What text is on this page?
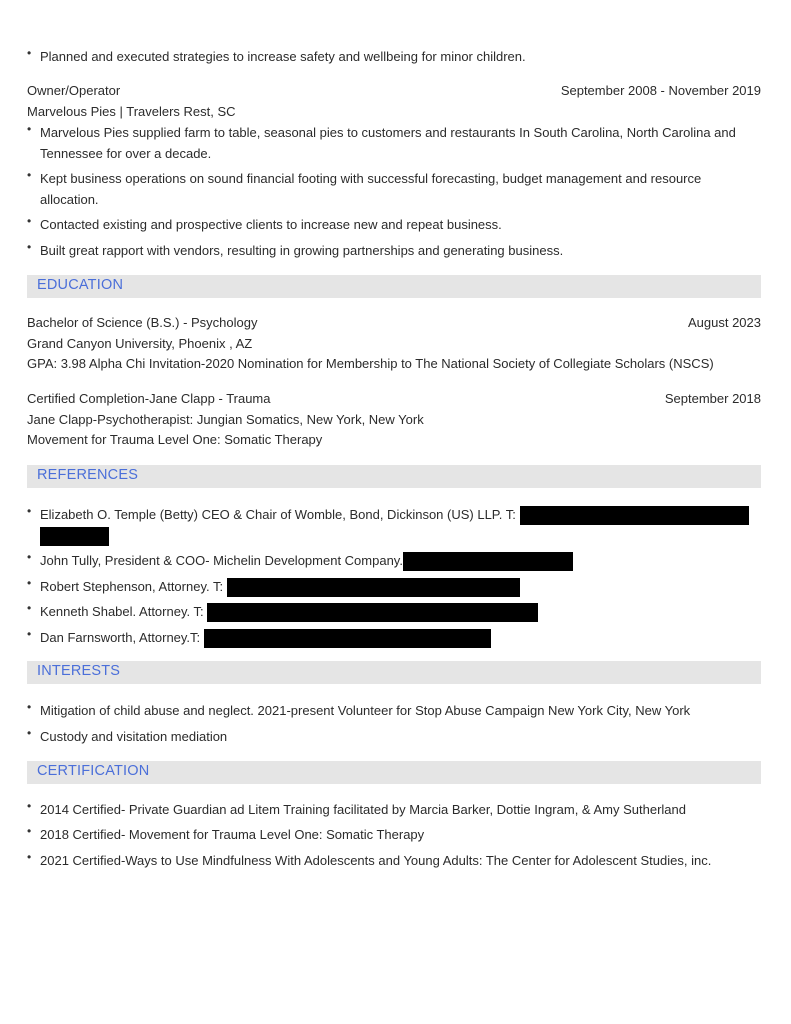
• Planned and executed strategies to increase safety and wellbeing for minor children.
Owner/Operator	September 2008 - November 2019
Marvelous Pies | Travelers Rest, SC
• Marvelous Pies supplied farm to table, seasonal pies to customers and restaurants In South Carolina, North Carolina and Tennessee for over a decade.
• Kept business operations on sound financial footing with successful forecasting, budget management and resource allocation.
• Contacted existing and prospective clients to increase new and repeat business.
• Built great rapport with vendors, resulting in growing partnerships and generating business.
EDUCATION
Bachelor of Science (B.S.) - Psychology	August 2023
Grand Canyon University, Phoenix , AZ
GPA: 3.98 Alpha Chi Invitation-2020 Nomination for Membership to The National Society of Collegiate Scholars (NSCS)
Certified Completion-Jane Clapp - Trauma	September 2018
Jane Clapp-Psychotherapist: Jungian Somatics, New York, New York
Movement for Trauma Level One: Somatic Therapy
REFERENCES
• Elizabeth O. Temple (Betty) CEO & Chair of Womble, Bond, Dickinson (US) LLP. T:

• John Tully, President & COO- Michelin Development Company.
• Robert Stephenson, Attorney. T:
• Kenneth Shabel. Attorney. T:
• Dan Farnsworth, Attorney.T:
INTERESTS
• Mitigation of child abuse and neglect. 2021-present Volunteer for Stop Abuse Campaign New York City, New York
• Custody and visitation mediation
CERTIFICATION
• 2014 Certified- Private Guardian ad Litem Training facilitated by Marcia Barker, Dottie Ingram, & Amy Sutherland
• 2018 Certified- Movement for Trauma Level One: Somatic Therapy
• 2021 Certified-Ways to Use Mindfulness With Adolescents and Young Adults: The Center for Adolescent Studies, inc.
